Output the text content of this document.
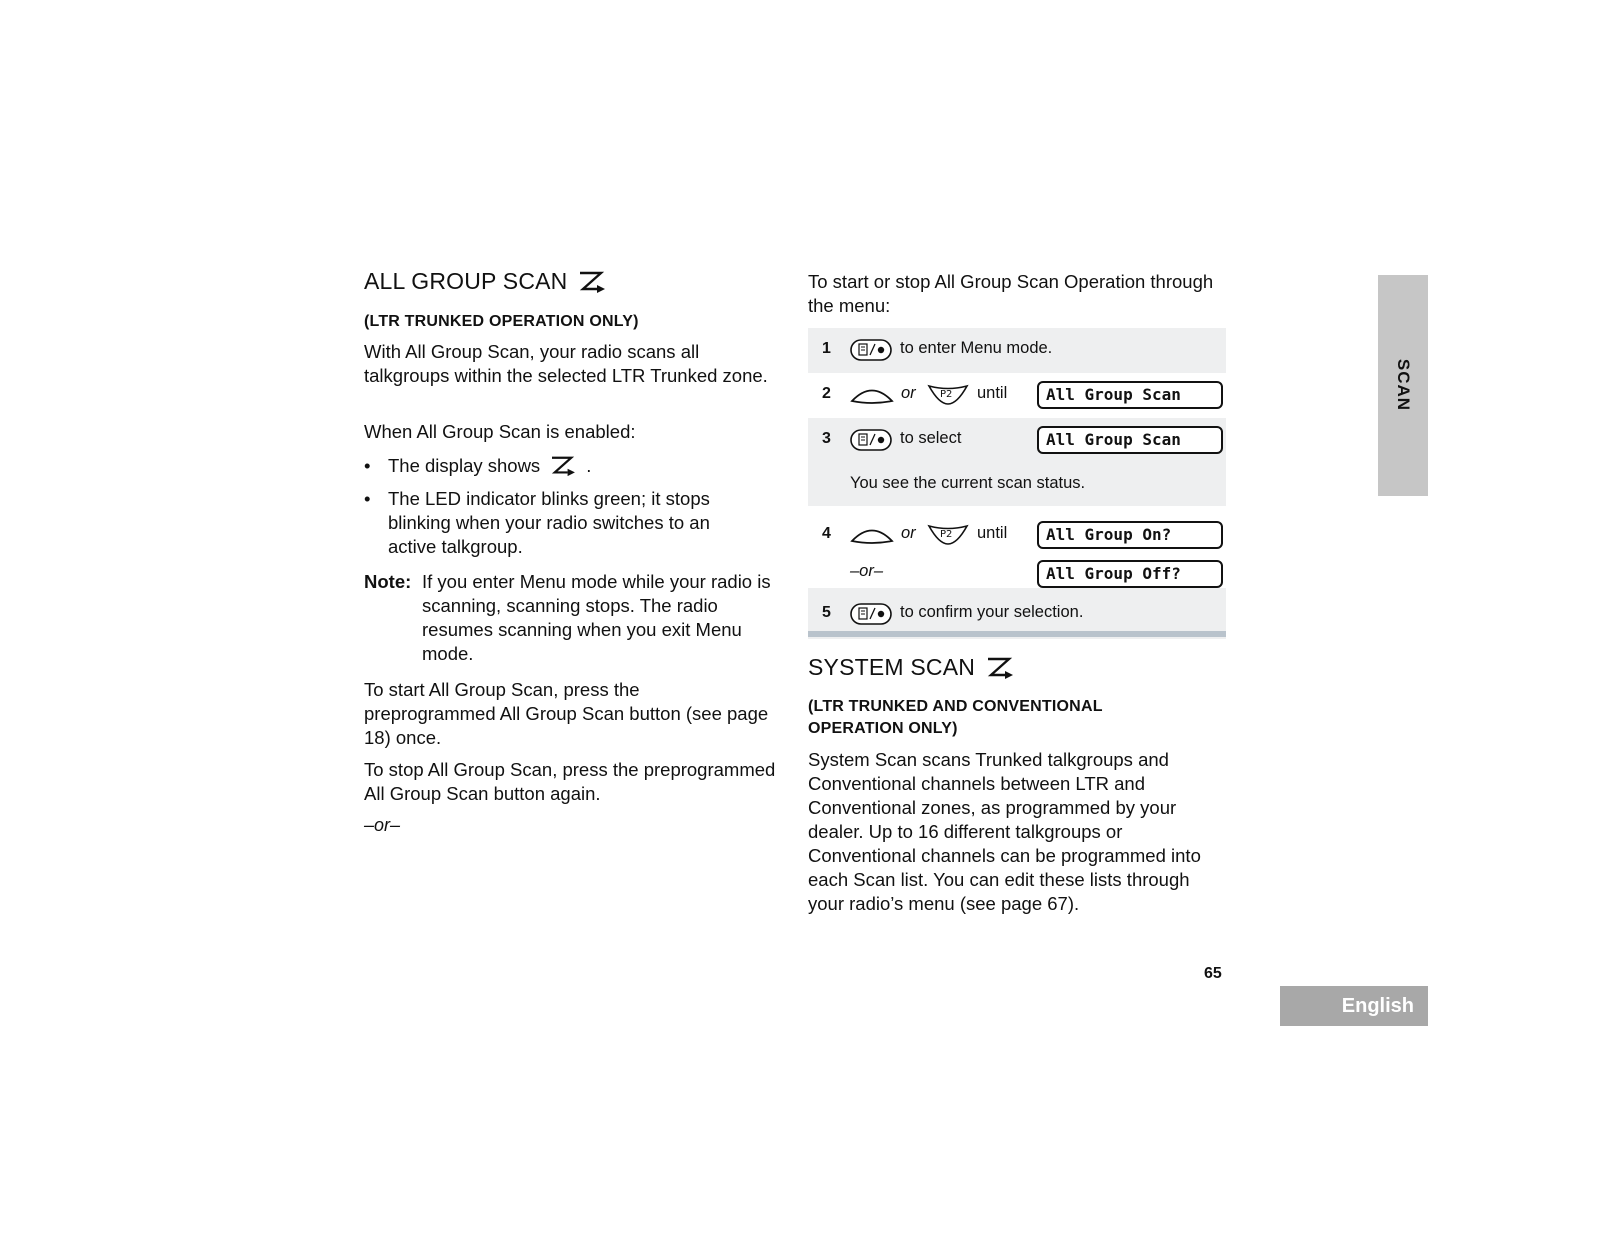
ALL GROUP SCAN
(LTR TRUNKED OPERATION ONLY)
With All Group Scan, your radio scans all talkgroups within the selected LTR Trunked zone.
When All Group Scan is enabled:
• The display shows .
• The LED indicator blinks green; it stops blinking when your radio switches to an active talkgroup.
Note: If you enter Menu mode while your radio is scanning, scanning stops. The radio resumes scanning when you exit Menu mode.
To start All Group Scan, press the preprogrammed All Group Scan button (see page 18) once.
To stop All Group Scan, press the preprogrammed All Group Scan button again.
–or–
To start or stop All Group Scan Operation through the menu:
1	to enter Menu mode.
2	or P2 until	All Group Scan
3	to select	All Group Scan
You see the current scan status.
4	or P2 until	All Group On?
–or–	All Group Off?
5	to confirm your selection.
SYSTEM SCAN
(LTR TRUNKED AND CONVENTIONAL OPERATION ONLY)
System Scan scans Trunked talkgroups and Conventional channels between LTR and Conventional zones, as programmed by your dealer. Up to 16 different talkgroups or Conventional channels can be programmed into each Scan list. You can edit these lists through your radio’s menu (see page 67).
65
SCAN
English
